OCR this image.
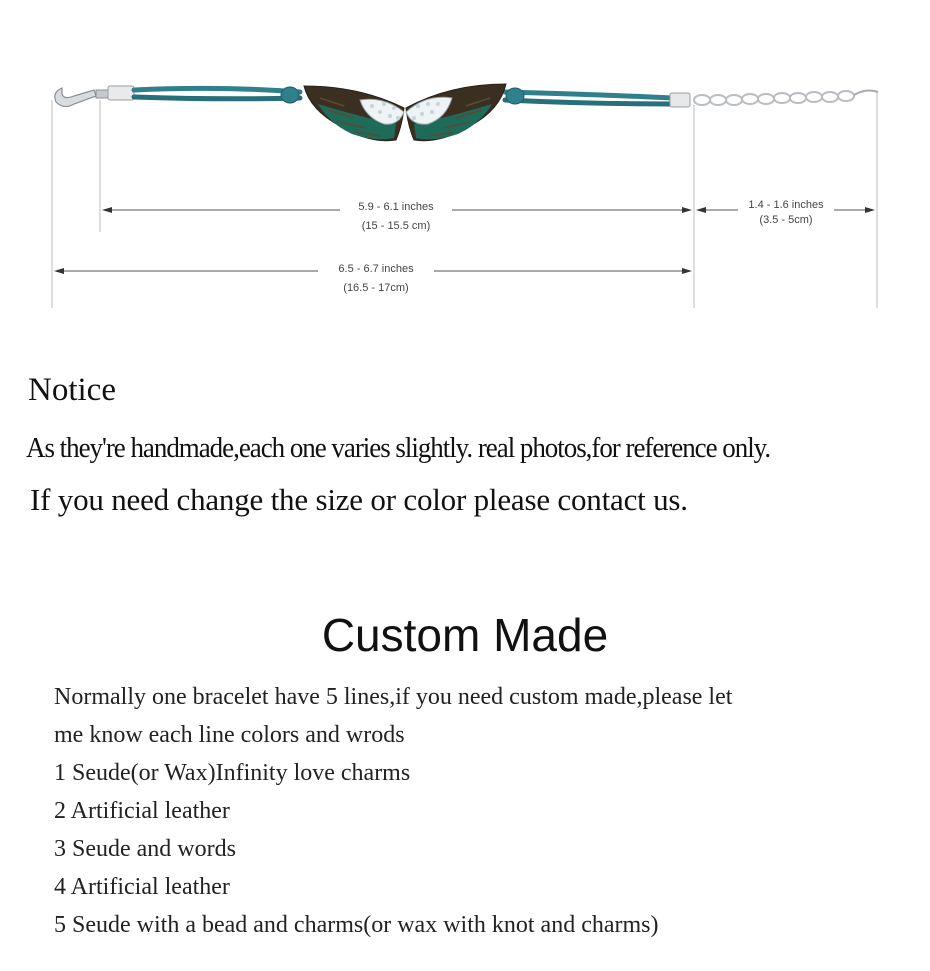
5.9 - 6.1 inches
(15 - 15.5 cm)
1.4 - 1.6 inches
(3.5 - 5cm)
6.5 - 6.7 inches
(16.5 - 17cm)
Notice
As they're handmade,each one varies slightly. real photos,for reference only.
If you need change the size or color please contact us.
Custom Made
Normally one bracelet have 5 lines,if you need custom made,please let
me know each line colors and wrods
1 Seude(or Wax)Infinity love charms
2 Artificial leather
3 Seude and words
4 Artificial leather
5 Seude with a bead and charms(or wax with knot and charms)
